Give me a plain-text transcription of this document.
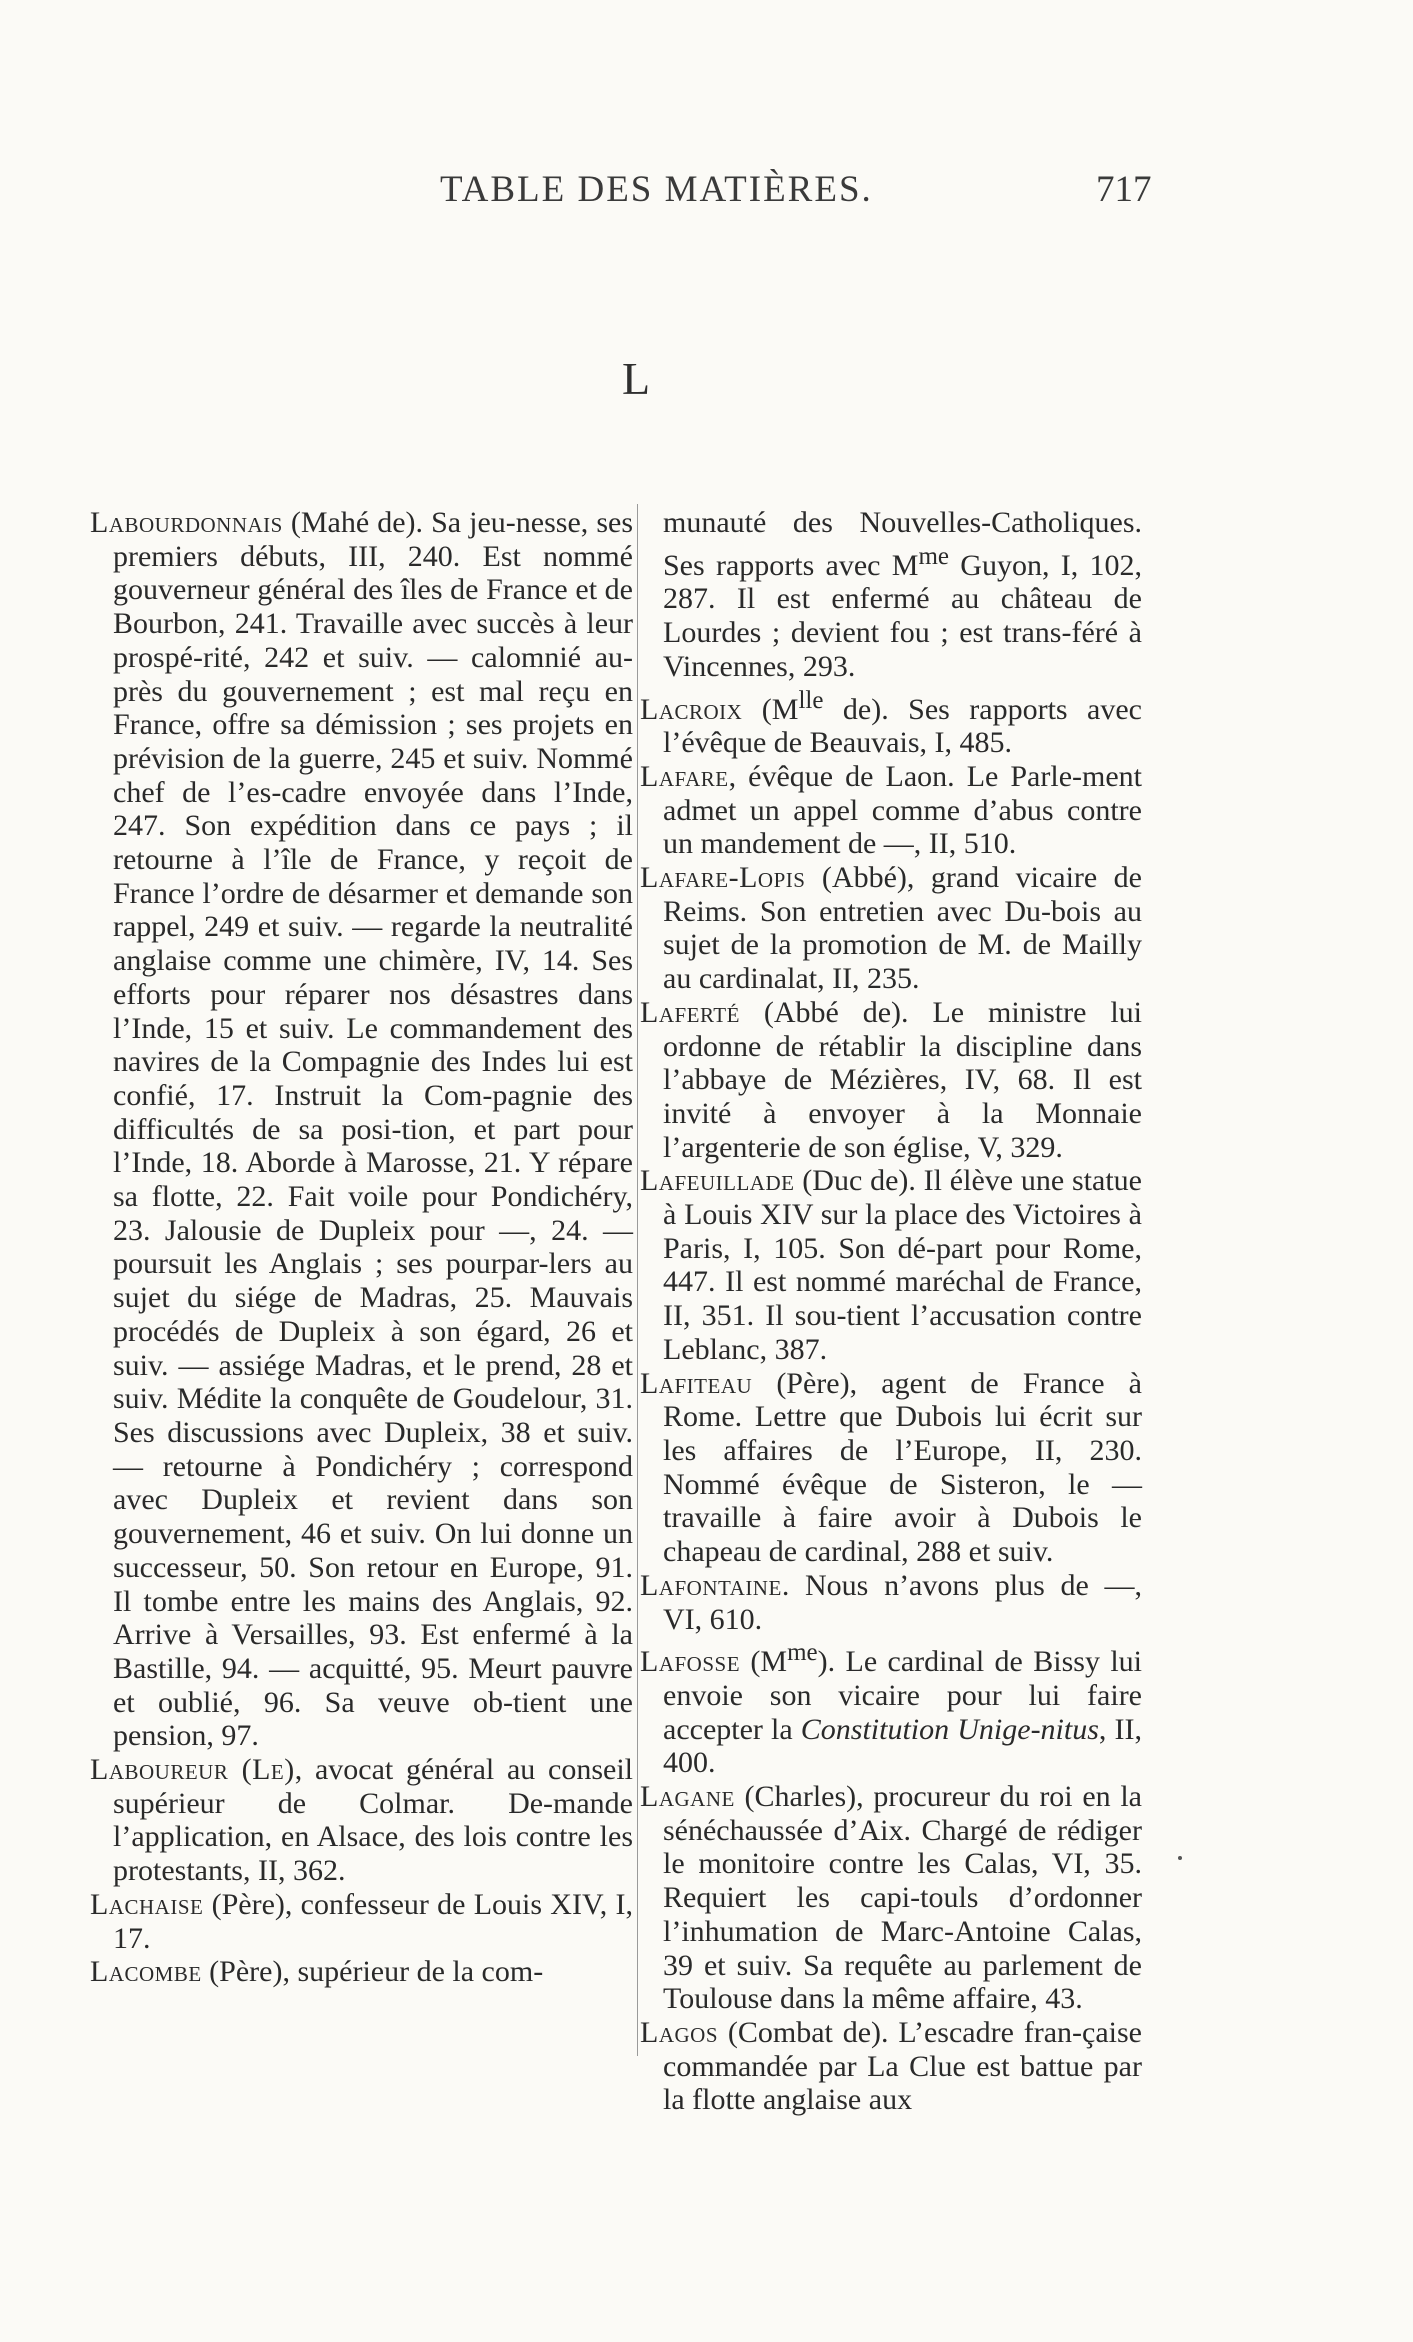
TABLE DES MATIÈRES.	717
L

Labourdonnais (Mahé de). Sa jeu-nesse, ses premiers débuts, III, 240. Est nommé gouverneur général des îles de France et de Bourbon, 241. Travaille avec succès à leur prospé-rité, 242 et suiv. — calomnié au-près du gouvernement ; est mal reçu en France, offre sa démission ; ses projets en prévision de la guerre, 245 et suiv. Nommé chef de l’es-cadre envoyée dans l’Inde, 247. Son expédition dans ce pays ; il retourne à l’île de France, y reçoit de France l’ordre de désarmer et demande son rappel, 249 et suiv. — regarde la neutralité anglaise comme une chimère, IV, 14. Ses efforts pour réparer nos désastres dans l’Inde, 15 et suiv. Le commandement des navires de la Compagnie des Indes lui est confié, 17. Instruit la Com-pagnie des difficultés de sa posi-tion, et part pour l’Inde, 18. Aborde à Marosse, 21. Y répare sa flotte, 22. Fait voile pour Pondichéry, 23. Jalousie de Dupleix pour —, 24. — poursuit les Anglais ; ses pourpar-lers au sujet du siége de Madras, 25. Mauvais procédés de Dupleix à son égard, 26 et suiv. — assiége Madras, et le prend, 28 et suiv. Médite la conquête de Goudelour, 31. Ses discussions avec Dupleix, 38 et suiv. — retourne à Pondichéry ; correspond avec Dupleix et revient dans son gouvernement, 46 et suiv. On lui donne un successeur, 50. Son retour en Europe, 91. Il tombe entre les mains des Anglais, 92. Arrive à Versailles, 93. Est enfermé à la Bastille, 94. — acquitté, 95. Meurt pauvre et oublié, 96. Sa veuve ob-tient une pension, 97.

Laboureur (Le), avocat général au conseil supérieur de Colmar. De-mande l’application, en Alsace, des lois contre les protestants, II, 362.

Lachaise (Père), confesseur de Louis XIV, I, 17.

Lacombe (Père), supérieur de la com-

munauté des Nouvelles-Catholiques. Ses rapports avec $M^{me}$ Guyon, I, 102, 287. Il est enfermé au château de Lourdes ; devient fou ; est trans-féré à Vincennes, 293.

Lacroix ($M^{lle}$ de). Ses rapports avec l’évêque de Beauvais, I, 485.

Lafare, évêque de Laon. Le Parle-ment admet un appel comme d’abus contre un mandement de —, II, 510.

Lafare-Lopis (Abbé), grand vicaire de Reims. Son entretien avec Du-bois au sujet de la promotion de M. de Mailly au cardinalat, II, 235.

Laferté (Abbé de). Le ministre lui ordonne de rétablir la discipline dans l’abbaye de Mézières, IV, 68. Il est invité à envoyer à la Monnaie l’argenterie de son église, V, 329.

Lafeuillade (Duc de). Il élève une statue à Louis XIV sur la place des Victoires à Paris, I, 105. Son dé-part pour Rome, 447. Il est nommé maréchal de France, II, 351. Il sou-tient l’accusation contre Leblanc, 387.

Lafiteau (Père), agent de France à Rome. Lettre que Dubois lui écrit sur les affaires de l’Europe, II, 230. Nommé évêque de Sisteron, le — travaille à faire avoir à Dubois le chapeau de cardinal, 288 et suiv.

Lafontaine. Nous n’avons plus de —, VI, 610.

Lafosse $(M^{me})$. Le cardinal de Bissy lui envoie son vicaire pour lui faire accepter la Constitution Unige-nitus, II, 400.

Lagane (Charles), procureur du roi en la sénéchaussée d’Aix. Chargé de rédiger le monitoire contre les Calas, VI, 35. Requiert les capi-touls d’ordonner l’inhumation de Marc-Antoine Calas, 39 et suiv. Sa requête au parlement de Toulouse dans la même affaire, 43.

Lagos (Combat de). L’escadre fran-çaise commandée par La Clue est battue par la flotte anglaise aux
